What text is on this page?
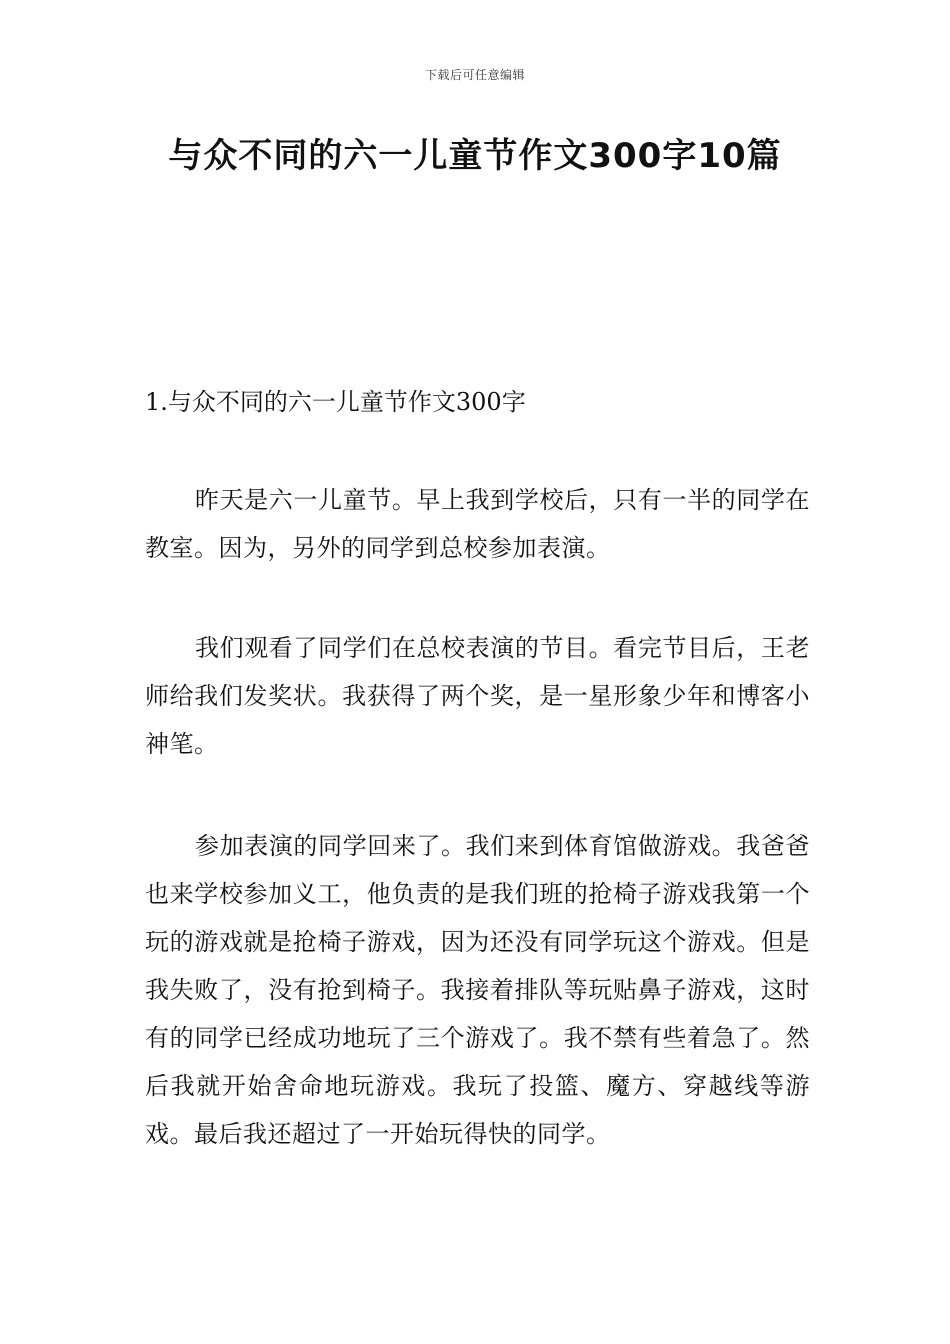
下载后可任意编辑
与众不同的六一儿童节作文300字10篇
1.与众不同的六一儿童节作文300字

昨天是六一儿童节。早上我到学校后，只有一半的同学在教室。因为，另外的同学到总校参加表演。

我们观看了同学们在总校表演的节目。看完节目后，王老师给我们发奖状。我获得了两个奖，是一星形象少年和博客小神笔。

参加表演的同学回来了。我们来到体育馆做游戏。我爸爸也来学校参加义工，他负责的是我们班的抢椅子游戏我第一个玩的游戏就是抢椅子游戏，因为还没有同学玩这个游戏。但是我失败了，没有抢到椅子。我接着排队等玩贴鼻子游戏，这时有的同学已经成功地玩了三个游戏了。我不禁有些着急了。然后我就开始舍命地玩游戏。我玩了投篮、魔方、穿越线等游戏。最后我还超过了一开始玩得快的同学。
